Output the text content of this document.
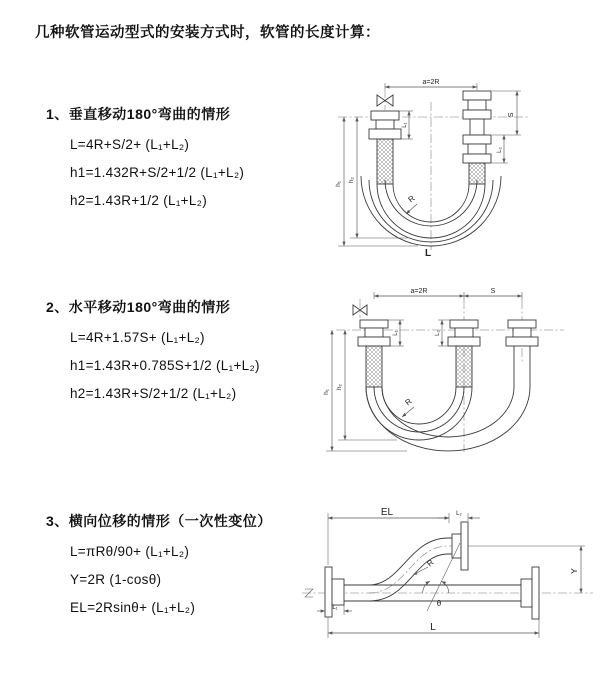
几种软管运动型式的安装方式时，软管的长度计算：
1、垂直移动180°弯曲的情形
L=4R+S/2+ (L₁+L₂)
h1=1.432R+S/2+1/2 (L₁+L₂)
h2=1.43R+1/2 (L₁+L₂)
a=2R
L₁
S
L₂
h₁
h₂
R
L
2、水平移动180°弯曲的情形
L=4R+1.57S+ (L₁+L₂)
h1=1.43R+0.785S+1/2 (L₁+L₂)
h2=1.43R+S/2+1/2 (L₁+L₂)
a=2R	S
L₁	L₂
h₁
h₂
R
3、横向位移的情形（一次性变位）
L=πRθ/90+ (L₁+L₂)
Y=2R (1-cosθ)
EL=2Rsinθ+ (L₁+L₂)
EL	L₂
L₁
Y
L
R
θ
